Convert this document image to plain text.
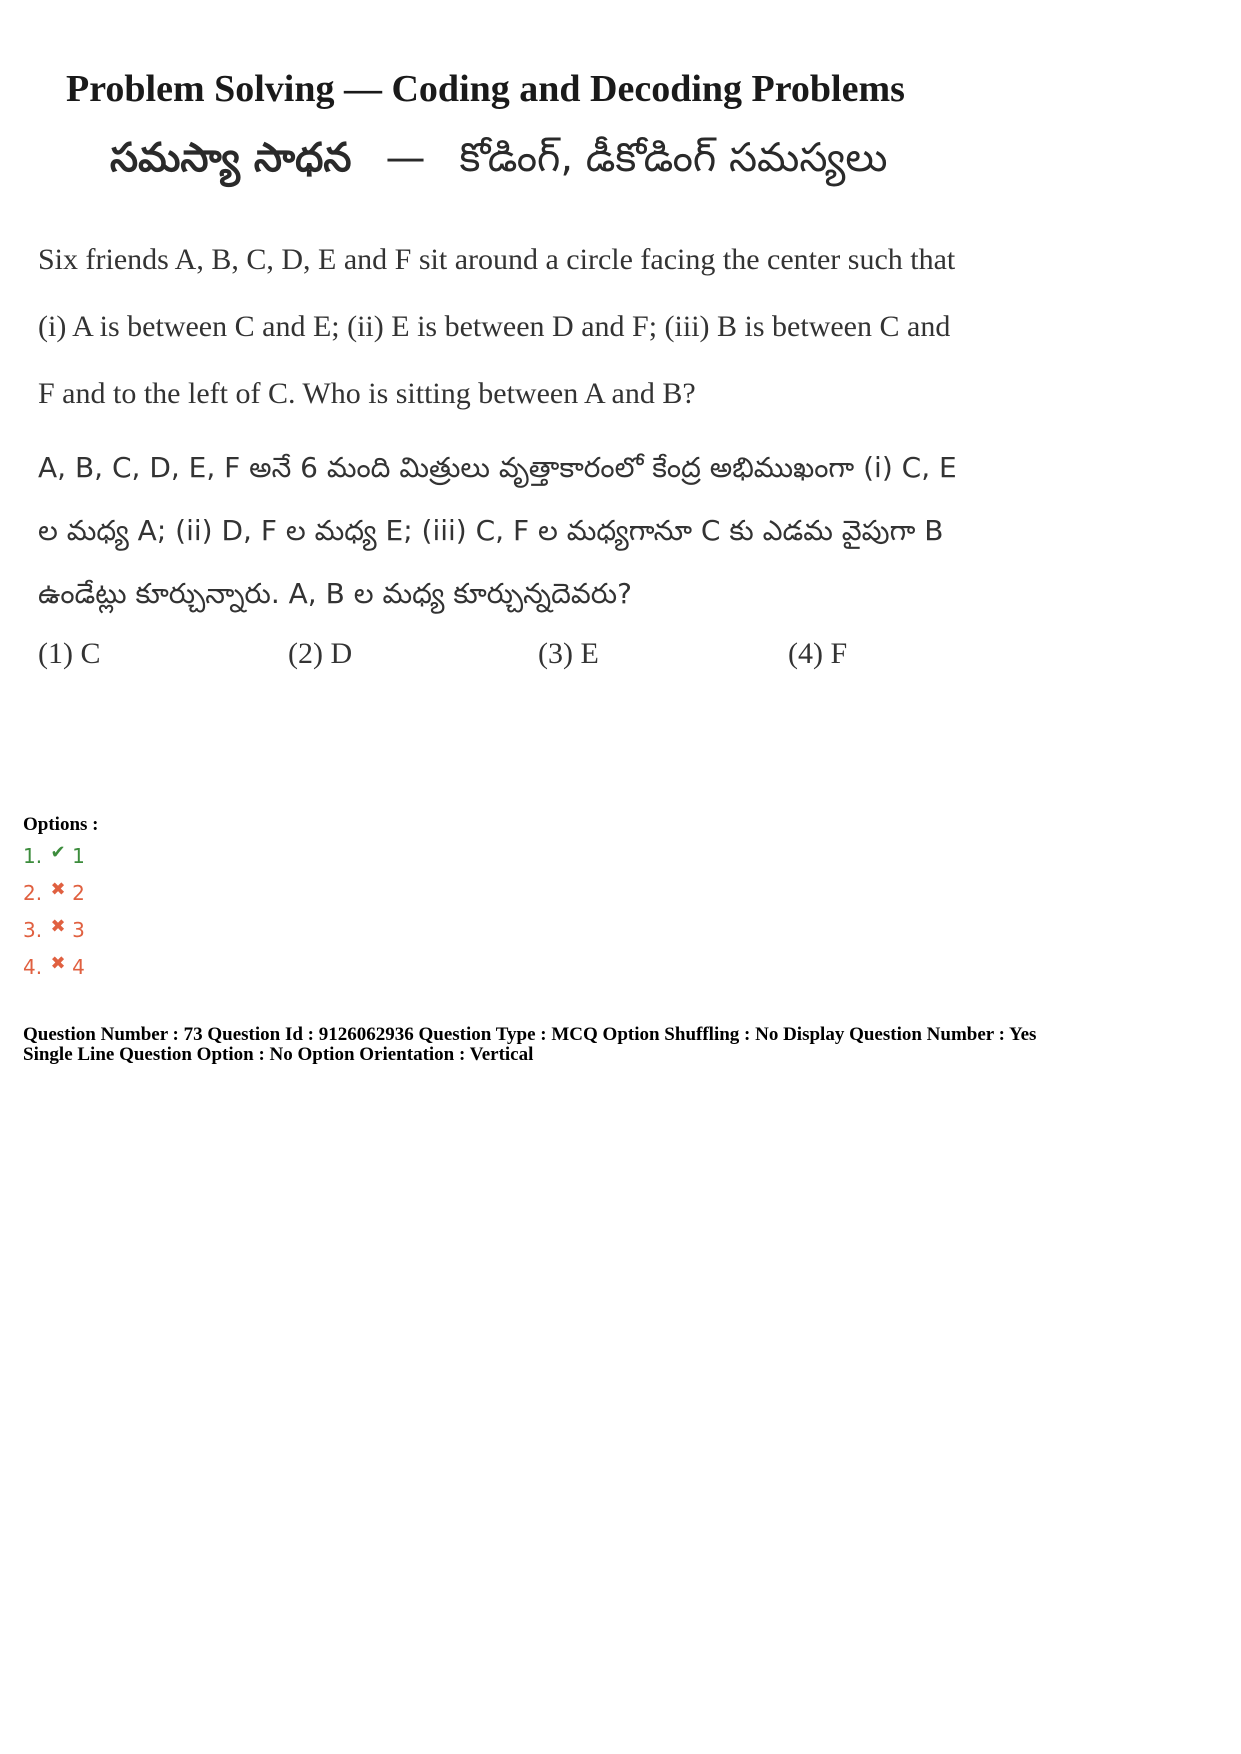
Problem Solving — Coding and Decoding Problems
సమస్యా సాధన — కోడింగ్, డీకోడింగ్ సమస్యలు
Six friends A, B, C, D, E and F sit around a circle facing the center such that
(i) A is between C and E; (ii) E is between D and F; (iii) B is between C and
F and to the left of C. Who is sitting between A and B?
A, B, C, D, E, F అనే 6 మంది మిత్రులు వృత్తాకారంలో కేంద్ర అభిముఖంగా (i) C, E
ల మధ్య A; (ii) D, F ల మధ్య E; (iii) C, F ల మధ్యగానూ C కు ఎడమ వైపుగా B
ఉండేట్లు కూర్చున్నారు. A, B ల మధ్య కూర్చున్నదెవరు?
(1) C	(2) D	(3) E	(4) F
Options :
1. ✔ 1
2. ✖ 2
3. ✖ 3
4. ✖ 4
Question Number : 73 Question Id : 9126062936 Question Type : MCQ Option Shuffling : No Display Question Number : Yes
Single Line Question Option : No Option Orientation : Vertical
